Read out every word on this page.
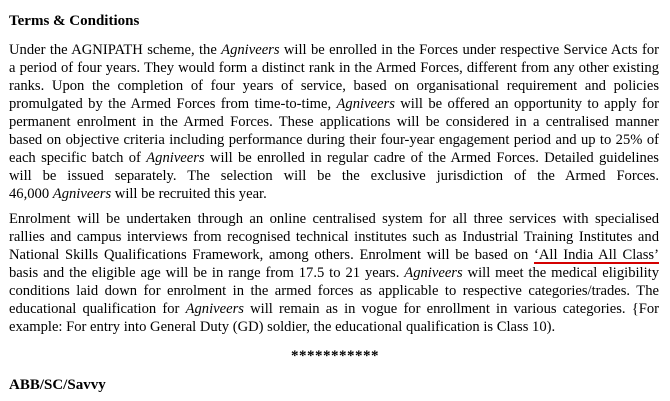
Terms & Conditions
Under the AGNIPATH scheme, the Agniveers will be enrolled in the Forces under respective Service Acts for
a period of four years. They would form a distinct rank in the Armed Forces, different from any other existing
ranks. Upon the completion of four years of service, based on organisational requirement and policies
promulgated by the Armed Forces from time-to-time, Agniveers will be offered an opportunity to apply for
permanent enrolment in the Armed Forces. These applications will be considered in a centralised manner
based on objective criteria including performance during their four-year engagement period and up to 25% of
each specific batch of Agniveers will be enrolled in regular cadre of the Armed Forces. Detailed guidelines
will be issued separately. The selection will be the exclusive jurisdiction of the Armed Forces.
46,000 Agniveers will be recruited this year.
Enrolment will be undertaken through an online centralised system for all three services with specialised
rallies and campus interviews from recognised technical institutes such as Industrial Training Institutes and
National Skills Qualifications Framework, among others. Enrolment will be based on ‘All India All Class’
basis and the eligible age will be in range from 17.5 to 21 years. Agniveers will meet the medical eligibility
conditions laid down for enrolment in the armed forces as applicable to respective categories/trades. The
educational qualification for Agniveers will remain as in vogue for enrollment in various categories. {For
example: For entry into General Duty (GD) soldier, the educational qualification is Class 10).
***********
ABB/SC/Savvy
